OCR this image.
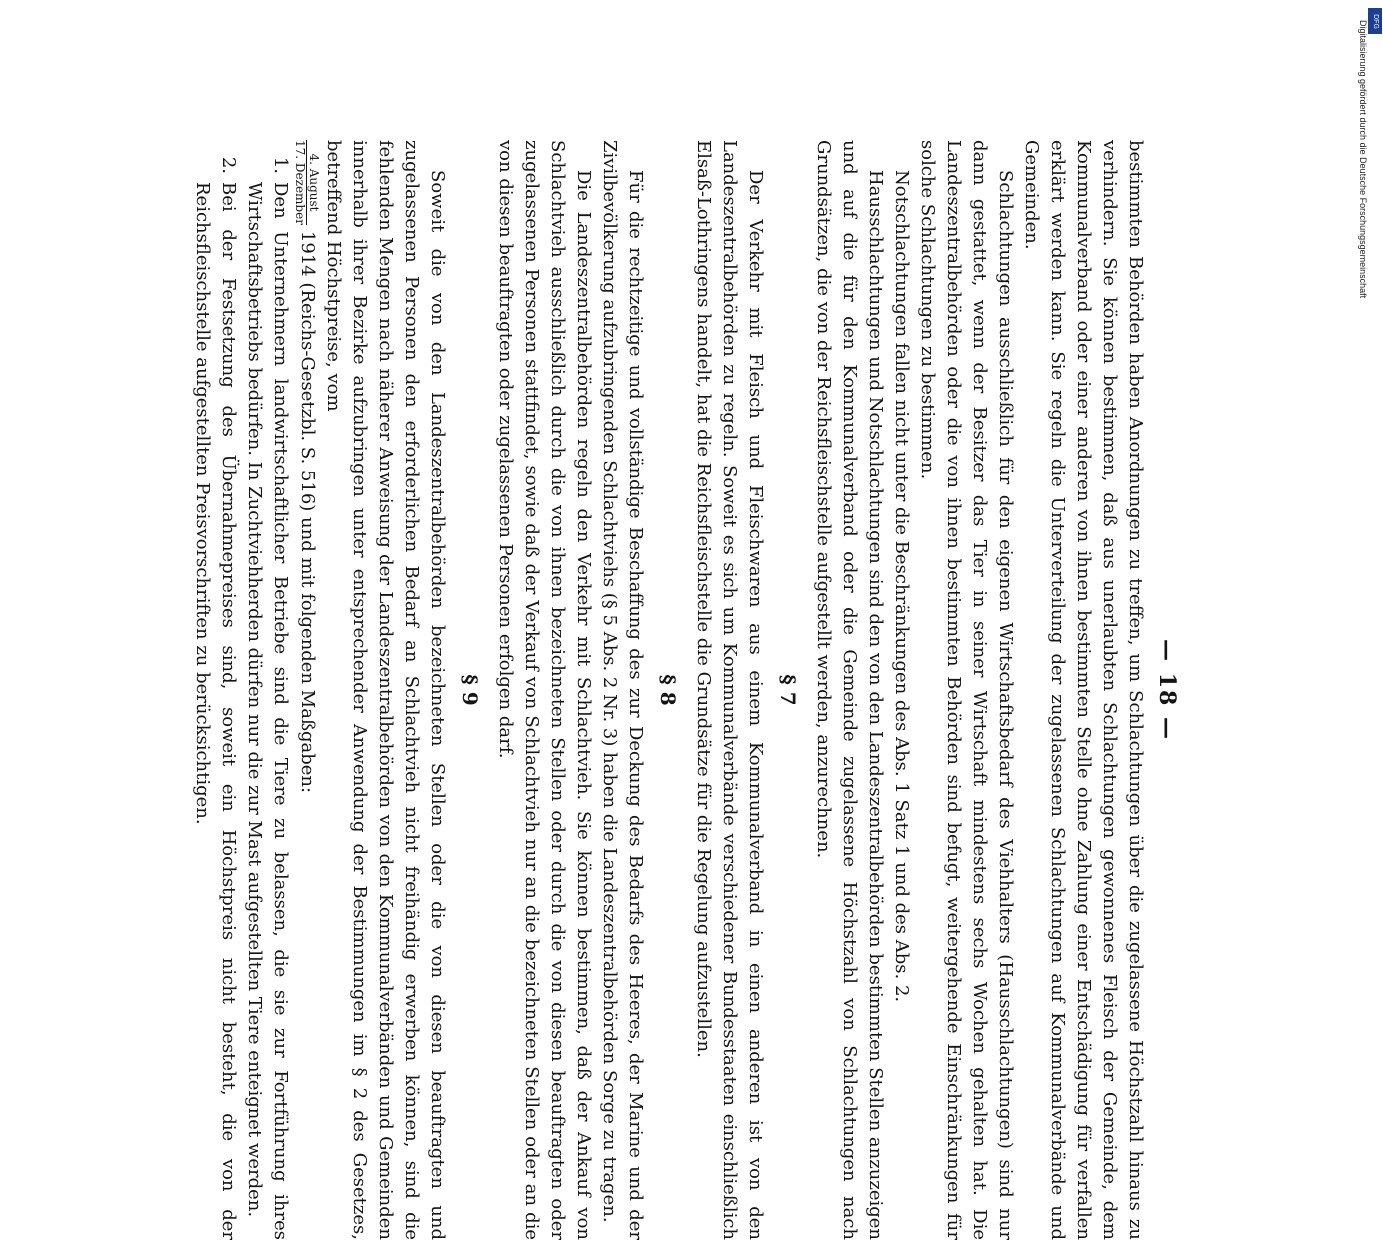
DFG
Digitalisierung gefördert durch die Deutsche Forschungsgemeinschaft
— 18 —

bestimmten Behörden haben Anordnungen zu treffen, um Schlachtungen über die zugelassene Höchstzahl hinaus zu verhindern. Sie können bestimmen, daß aus unerlaubten Schlachtungen gewonnenes Fleisch der Gemeinde, dem Kommunalverband oder einer anderen von ihnen bestimmten Stelle ohne Zahlung einer Entschädigung für verfallen erklärt werden kann. Sie regeln die Unterverteilung der zugelassenen Schlachtungen auf Kommunalverbände und Gemeinden.

Schlachtungen ausschließlich für den eigenen Wirtschaftsbedarf des Viehhalters (Hausschlachtungen) sind nur dann gestattet, wenn der Besitzer das Tier in seiner Wirtschaft mindestens sechs Wochen gehalten hat. Die Landeszentralbehörden oder die von ihnen bestimmten Behörden sind befugt, weitergehende Einschränkungen für solche Schlachtungen zu bestimmen.

Notschlachtungen fallen nicht unter die Beschränkungen des Abs. 1 Satz 1 und des Abs. 2.

Hausschlachtungen und Notschlachtungen sind den von den Landeszentralbehörden bestimmten Stellen anzuzeigen und auf die für den Kommunalverband oder die Gemeinde zugelassene Höchstzahl von Schlachtungen nach Grundsätzen, die von der Reichsfleischstelle aufgestellt werden, anzurechnen.

§ 7

Der Verkehr mit Fleisch und Fleischwaren aus einem Kommunalverband in einen anderen ist von den Landeszentralbehörden zu regeln. Soweit es sich um Kommunalverbände verschiedener Bundesstaaten einschließlich Elsaß-Lothringens handelt, hat die Reichsfleischstelle die Grundsätze für die Regelung aufzustellen.

§ 8

Für die rechtzeitige und vollständige Beschaffung des zur Deckung des Bedarfs des Heeres, der Marine und der Zivilbevölkerung aufzubringenden Schlachtviehs (§ 5 Abs. 2 Nr. 3) haben die Landeszentralbehörden Sorge zu tragen.

Die Landeszentralbehörden regeln den Verkehr mit Schlachtvieh. Sie können bestimmen, daß der Ankauf von Schlachtvieh ausschließlich durch die von ihnen bezeichneten Stellen oder durch die von diesen beauftragten oder zugelassenen Personen stattfindet, sowie daß der Verkauf von Schlachtvieh nur an die bezeichneten Stellen oder an die von diesen beauftragten oder zugelassenen Personen erfolgen darf.

§ 9

Soweit die von den Landeszentralbehörden bezeichneten Stellen oder die von diesen beauftragten und zugelassenen Personen den erforderlichen Bedarf an Schlachtvieh nicht freihändig erwerben können, sind die fehlenden Mengen nach näherer Anweisung der Landeszentralbehörden von den Kommunalverbänden und Gemeinden innerhalb ihrer Bezirke aufzubringen unter entsprechender Anwendung der Bestimmungen im § 2 des Gesetzes, betreffend Höchstpreise, vom

4. August
17. Dezember
1914 (Reichs-Gesetzbl. S. 516) und mit folgenden Maßgaben:
1.
Den Unternehmern landwirtschaftlicher Betriebe sind die Tiere zu belassen, die sie zur Fortführung ihres Wirtschaftsbetriebs bedürfen. In Zuchtviehherden dürfen nur die zur Mast aufgestellten Tiere enteignet werden.
2.
Bei der Festsetzung des Übernahmepreises sind, soweit ein Höchstpreis nicht besteht, die von der Reichsfleischstelle aufgestellten Preisvorschriften zu berücksichtigen.
